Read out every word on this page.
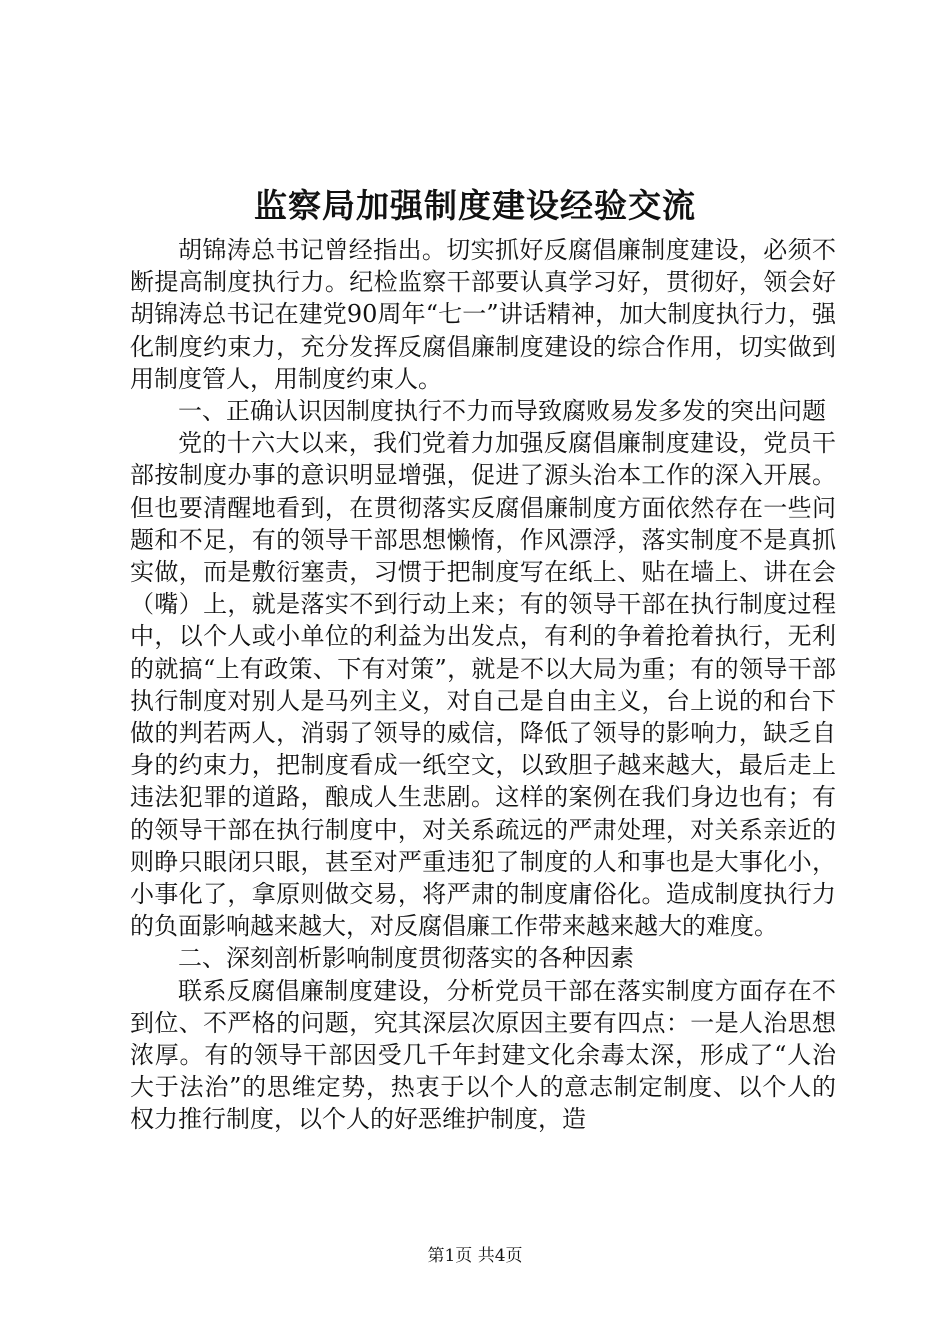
监察局加强制度建设经验交流

胡锦涛总书记曾经指出。切实抓好反腐倡廉制度建设，必须不断提高制度执行力。纪检监察干部要认真学习好，贯彻好，领会好胡锦涛总书记在建党90周年“七一”讲话精神，加大制度执行力，强化制度约束力，充分发挥反腐倡廉制度建设的综合作用，切实做到用制度管人，用制度约束人。

一、正确认识因制度执行不力而导致腐败易发多发的突出问题

党的十六大以来，我们党着力加强反腐倡廉制度建设，党员干部按制度办事的意识明显增强，促进了源头治本工作的深入开展。但也要清醒地看到，在贯彻落实反腐倡廉制度方面依然存在一些问题和不足，有的领导干部思想懒惰，作风漂浮，落实制度不是真抓实做，而是敷衍塞责，习惯于把制度写在纸上、贴在墙上、讲在会（嘴）上，就是落实不到行动上来；有的领导干部在执行制度过程中，以个人或小单位的利益为出发点，有利的争着抢着执行，无利的就搞“上有政策、下有对策”，就是不以大局为重；有的领导干部执行制度对别人是马列主义，对自己是自由主义，台上说的和台下做的判若两人，消弱了领导的威信，降低了领导的影响力，缺乏自身的约束力，把制度看成一纸空文，以致胆子越来越大，最后走上违法犯罪的道路，酿成人生悲剧。这样的案例在我们身边也有；有的领导干部在执行制度中，对关系疏远的严肃处理，对关系亲近的则睁只眼闭只眼，甚至对严重违犯了制度的人和事也是大事化小，小事化了，拿原则做交易，将严肃的制度庸俗化。造成制度执行力的负面影响越来越大，对反腐倡廉工作带来越来越大的难度。

二、深刻剖析影响制度贯彻落实的各种因素

联系反腐倡廉制度建设，分析党员干部在落实制度方面存在不到位、不严格的问题，究其深层次原因主要有四点：一是人治思想浓厚。有的领导干部因受几千年封建文化余毒太深，形成了“人治大于法治”的思维定势，热衷于以个人的意志制定制度、以个人的权力推行制度，以个人的好恶维护制度，造

第1页 共4页
